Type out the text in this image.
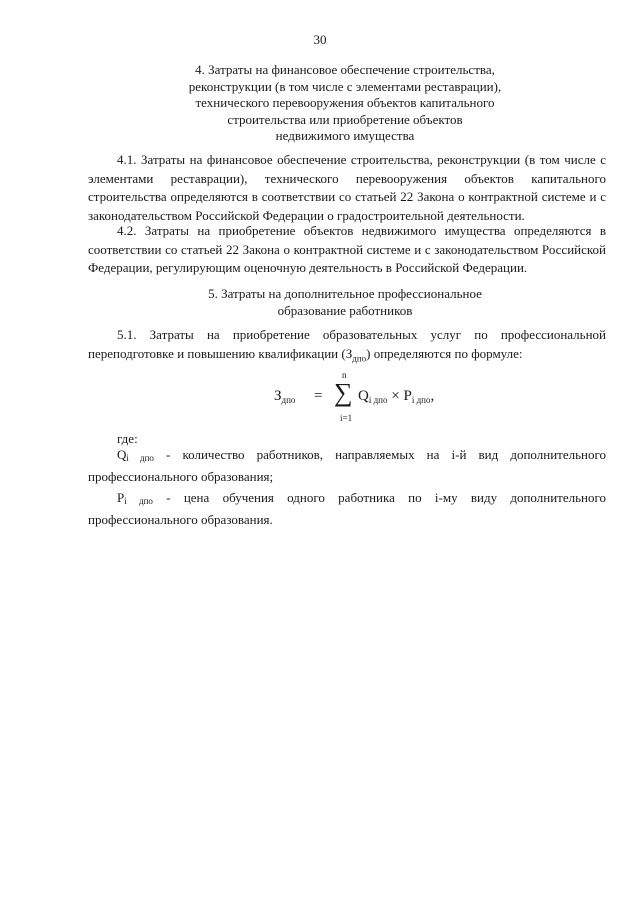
30
4. Затраты на финансовое обеспечение строительства,
реконструкции (в том числе с элементами реставрации),
технического перевооружения объектов капитального
строительства или приобретение объектов
недвижимого имущества
4.1. Затраты на финансовое обеспечение строительства, реконструкции (в том числе с
элементами реставрации), технического перевооружения объектов капитального
строительства определяются в соответствии со статьей 22 Закона о контрактной системе и с
законодательством Российской Федерации о градостроительной деятельности.
4.2. Затраты на приобретение объектов недвижимого имущества определяются в
соответствии со статьей 22 Закона о контрактной системе и с законодательством Российской
Федерации, регулирующим оценочную деятельность в Российской Федерации.
5. Затраты на дополнительное профессиональное
образование работников
5.1. Затраты на приобретение образовательных услуг по профессиональной
переподготовке и повышению квалификации $(З_{дпо})$ определяются по формуле:
$З_{дпо}$ =
n
∑
i=1
$Q_{i дпо} \times P_{i дпо}$,
где:
$Q_{i дпо}$ - количество работников, направляемых на i-й вид дополнительного
профессионального образования;
$P_{i дпо}$ - цена обучения одного работника по i-му виду дополнительного
профессионального образования.
